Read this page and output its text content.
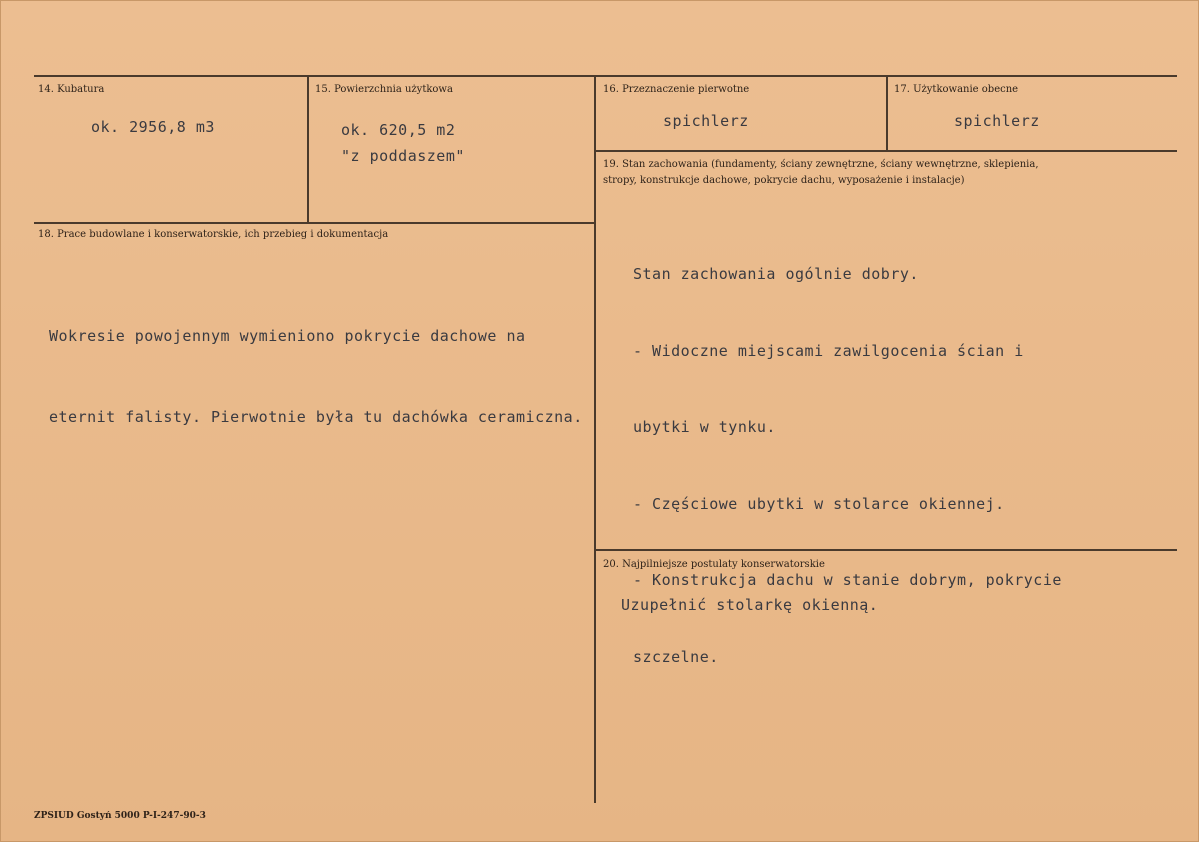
14. Kubatura
ok. 2956,8 m3
15. Powierzchnia użytkowa
ok. 620,5 m2
"z poddaszem"
16. Przeznaczenie pierwotne
spichlerz
17. Użytkowanie obecne
spichlerz
19. Stan zachowania (fundamenty, ściany zewnętrzne, ściany wewnętrzne, sklepienia,
stropy, konstrukcje dachowe, pokrycie dachu, wyposażenie i instalacje)

Stan zachowania ogólnie dobry.

- Widoczne miejscami zawilgocenia ścian i

ubytki w tynku.

- Częściowe ubytki w stolarce okiennej.

- Konstrukcja dachu w stanie dobrym, pokrycie

szczelne.

18. Prace budowlane i konserwatorskie, ich przebieg i dokumentacja

Wokresie powojennym wymieniono pokrycie dachowe na

eternit falisty. Pierwotnie była tu dachówka ceramiczna.

20. Najpilniejsze postulaty konserwatorskie
Uzupełnić stolarkę okienną.
ZPSIUD Gostyń 5000 P-I-247-90-3
